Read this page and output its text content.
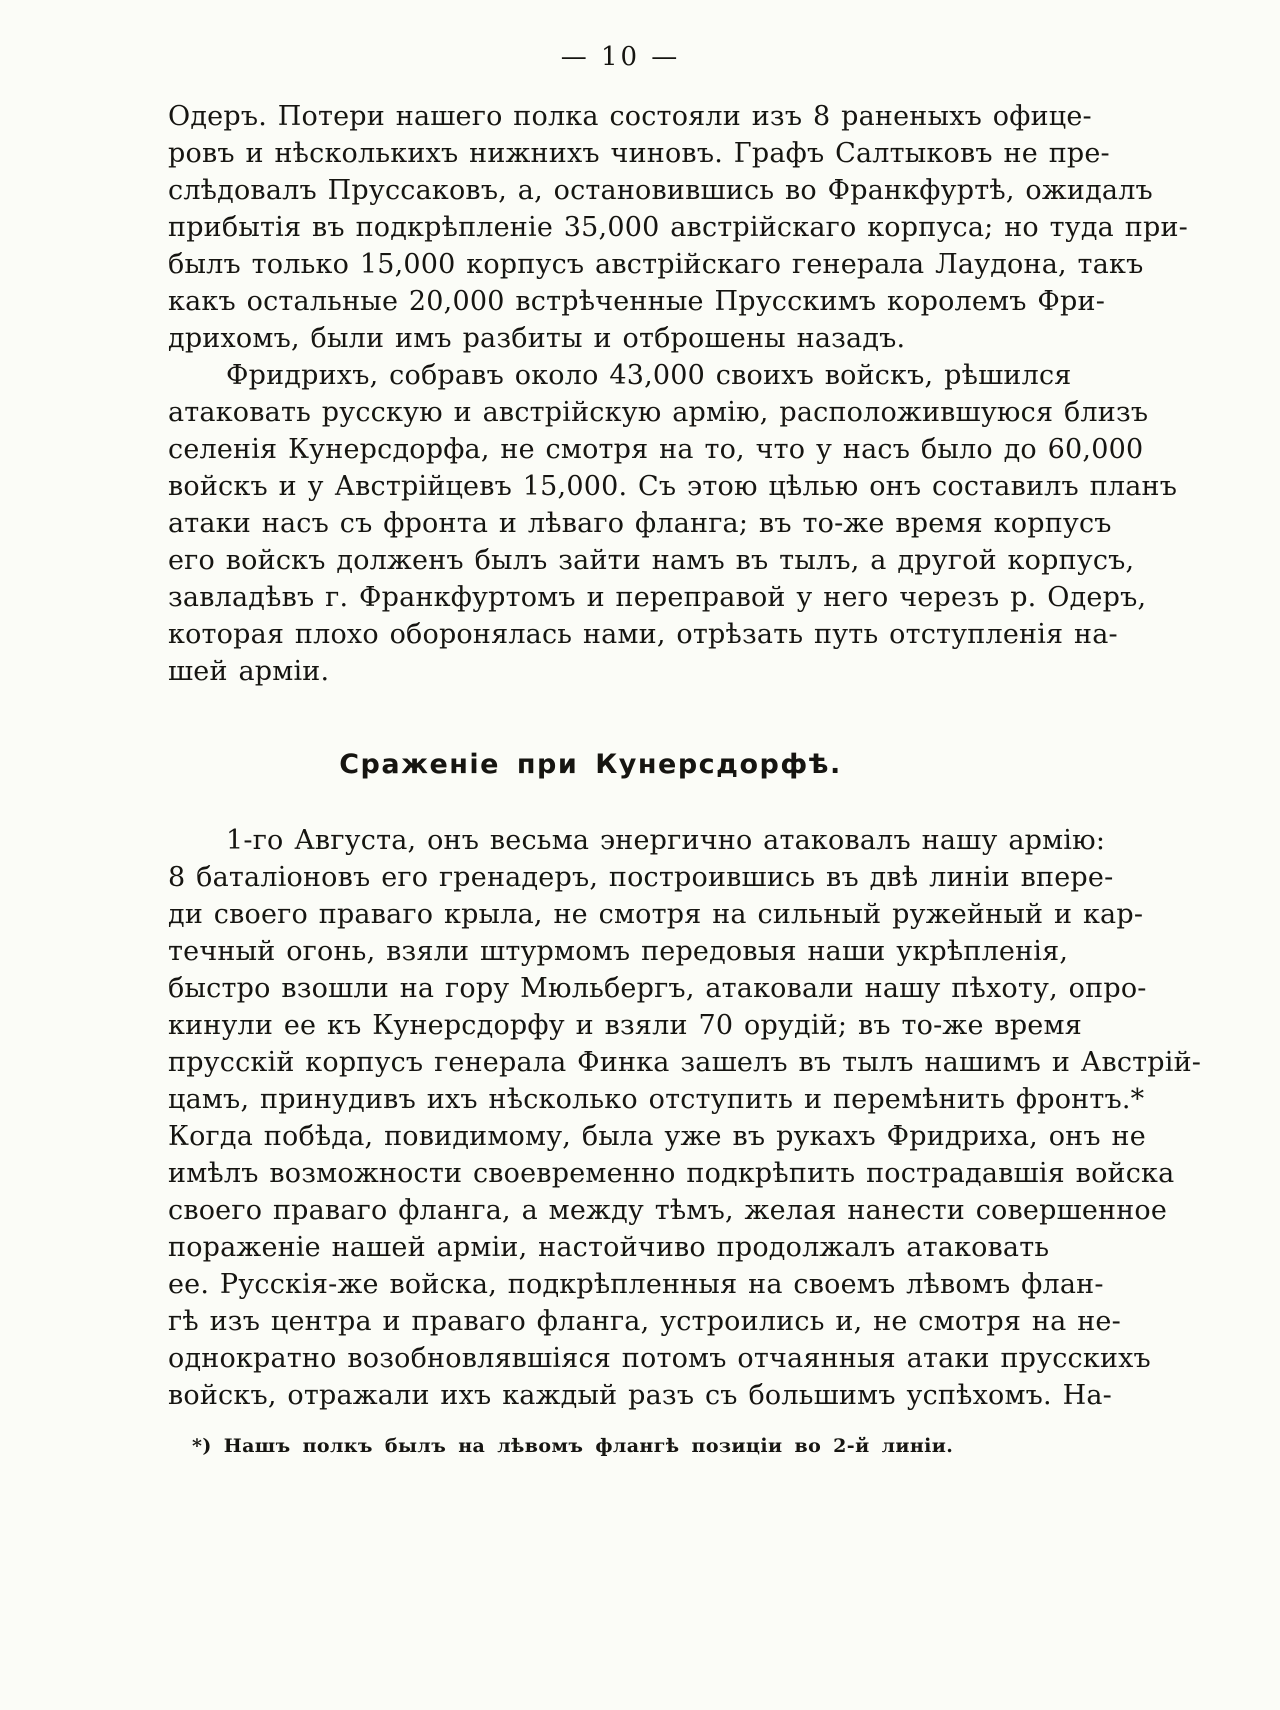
— 10 —
Одеръ. Потери нашего полка состояли изъ 8 раненыхъ офице-
ровъ и нѣсколькихъ нижнихъ чиновъ. Графъ Салтыковъ не пре-
слѣдовалъ Пруссаковъ, а, остановившись во Франкфуртѣ, ожидалъ
прибытія въ подкрѣпленіе 35,000 австрійскаго корпуса; но туда при-
былъ только 15,000 корпусъ австрійскаго генерала Лаудона, такъ
какъ остальные 20,000 встрѣченные Прусскимъ королемъ Фри-
дрихомъ, были имъ разбиты и отброшены назадъ.
Фридрихъ, собравъ около 43,000 своихъ войскъ, рѣшился
атаковать русскую и австрійскую армію, расположившуюся близъ
селенія Кунерсдорфа, не смотря на то, что у насъ было до 60,000
войскъ и у Австрійцевъ 15,000. Съ этою цѣлью онъ составилъ планъ
атаки насъ съ фронта и лѣваго фланга; въ то-же время корпусъ
его войскъ долженъ былъ зайти намъ въ тылъ, а другой корпусъ,
завладѣвъ г. Франкфуртомъ и переправой у него черезъ р. Одеръ,
которая плохо оборонялась нами, отрѣзать путь отступленія на-
шей арміи.
Сраженіе при Кунерсдорфѣ.
1-го Августа, онъ весьма энергично атаковалъ нашу армію:
8 баталіоновъ его гренадеръ, построившись въ двѣ линіи впере-
ди своего праваго крыла, не смотря на сильный ружейный и кар-
течный огонь, взяли штурмомъ передовыя наши укрѣпленія,
быстро взошли на гору Мюльбергъ, атаковали нашу пѣхоту, опро-
кинули ее къ Кунерсдорфу и взяли 70 орудій; въ то-же время
прусскій корпусъ генерала Финка зашелъ въ тылъ нашимъ и Австрій-
цамъ, принудивъ ихъ нѣсколько отступить и перемѣнить фронтъ.*
Когда побѣда, повидимому, была уже въ рукахъ Фридриха, онъ не
имѣлъ возможности своевременно подкрѣпить пострадавшія войска
своего праваго фланга, а между тѣмъ, желая нанести совершенное
пораженіе нашей арміи, настойчиво продолжалъ атаковать
ее. Русскія-же войска, подкрѣпленныя на своемъ лѣвомъ флан-
гѣ изъ центра и праваго фланга, устроились и, не смотря на не-
однократно возобновлявшіяся потомъ отчаянныя атаки прусскихъ
войскъ, отражали ихъ каждый разъ съ большимъ успѣхомъ. На-
*) Нашъ полкъ былъ на лѣвомъ флангѣ позиціи во 2-й линіи.
